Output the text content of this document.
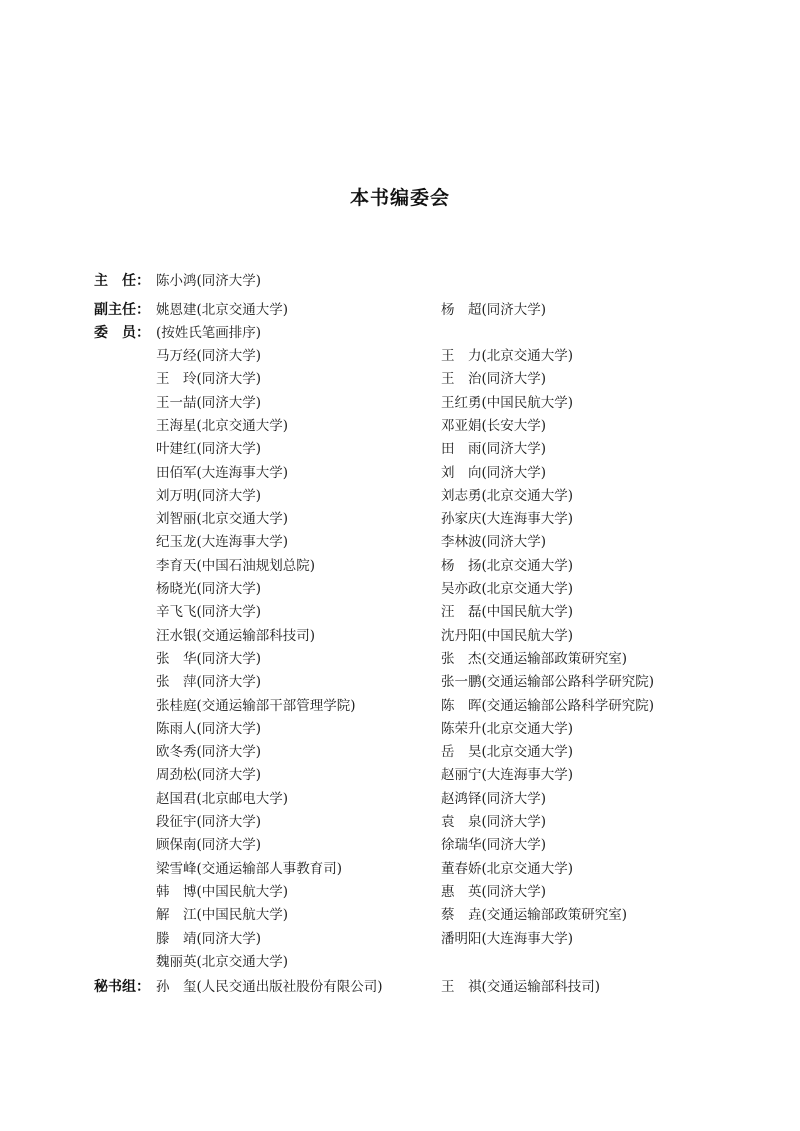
本书编委会
主　任： 陈小鸿(同济大学)
副主任： 姚恩建(北京交通大学)	杨　超(同济大学)
委　员： (按姓氏笔画排序)
马万经(同济大学)	王　力(北京交通大学)
王　玲(同济大学)	王　治(同济大学)
王一喆(同济大学)	王红勇(中国民航大学)
王海星(北京交通大学)	邓亚娟(长安大学)
叶建红(同济大学)	田　雨(同济大学)
田佰军(大连海事大学)	刘　向(同济大学)
刘万明(同济大学)	刘志勇(北京交通大学)
刘智丽(北京交通大学)	孙家庆(大连海事大学)
纪玉龙(大连海事大学)	李林波(同济大学)
李育天(中国石油规划总院)	杨　扬(北京交通大学)
杨晓光(同济大学)	吴亦政(北京交通大学)
辛飞飞(同济大学)	汪　磊(中国民航大学)
汪水银(交通运输部科技司)	沈丹阳(中国民航大学)
张　华(同济大学)	张　杰(交通运输部政策研究室)
张　萍(同济大学)	张一鹏(交通运输部公路科学研究院)
张桂庭(交通运输部干部管理学院)	陈　晖(交通运输部公路科学研究院)
陈雨人(同济大学)	陈荣升(北京交通大学)
欧冬秀(同济大学)	岳　昊(北京交通大学)
周劲松(同济大学)	赵丽宁(大连海事大学)
赵国君(北京邮电大学)	赵鸿铎(同济大学)
段征宇(同济大学)	袁　泉(同济大学)
顾保南(同济大学)	徐瑞华(同济大学)
梁雪峰(交通运输部人事教育司)	董春娇(北京交通大学)
韩　博(中国民航大学)	惠　英(同济大学)
解　江(中国民航大学)	蔡　垚(交通运输部政策研究室)
滕　靖(同济大学)	潘明阳(大连海事大学)
魏丽英(北京交通大学)
秘书组： 孙　玺(人民交通出版社股份有限公司)	王　祺(交通运输部科技司)
